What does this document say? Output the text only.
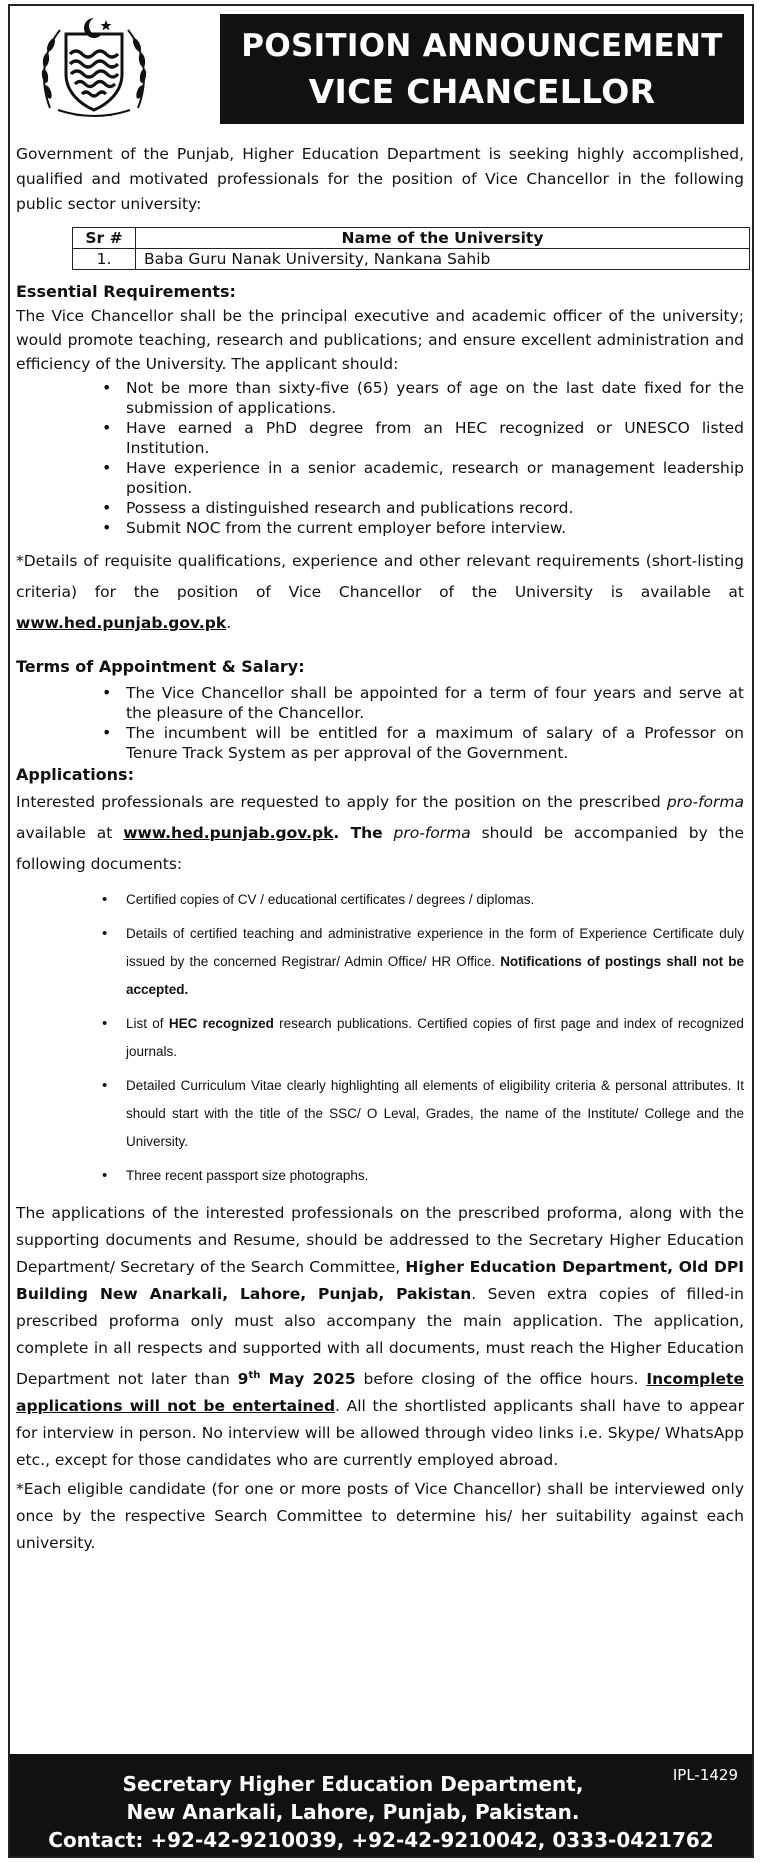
~~~ ~~~
POSITION ANNOUNCEMENT
VICE CHANCELLOR

Government of the Punjab, Higher Education Department is seeking highly accomplished, qualified and motivated professionals for the position of Vice Chancellor in the following public sector university:

Sr #	Name of the University
1.	Baba Guru Nanak University, Nankana Sahib
Essential Requirements:

The Vice Chancellor shall be the principal executive and academic officer of the university; would promote teaching, research and publications; and ensure excellent administration and efficiency of the University. The applicant should:

• Not be more than sixty-five (65) years of age on the last date fixed for the submission of applications.
• Have earned a PhD degree from an HEC recognized or UNESCO listed Institution.
• Have experience in a senior academic, research or management leadership position.
• Possess a distinguished research and publications record.
• Submit NOC from the current employer before interview.

*Details of requisite qualifications, experience and other relevant requirements (short-listing criteria) for the position of Vice Chancellor of the University is available at www.hed.punjab.gov.pk.

Terms of Appointment & Salary:
• The Vice Chancellor shall be appointed for a term of four years and serve at the pleasure of the Chancellor.
• The incumbent will be entitled for a maximum of salary of a Professor on Tenure Track System as per approval of the Government.
Applications:

Interested professionals are requested to apply for the position on the prescribed pro-forma available at www.hed.punjab.gov.pk. The pro-forma should be accompanied by the following documents:

• Certified copies of CV / educational certificates / degrees / diplomas.
• Details of certified teaching and administrative experience in the form of Experience Certificate duly issued by the concerned Registrar/ Admin Office/ HR Office. Notifications of postings shall not be accepted.
• List of HEC recognized research publications. Certified copies of first page and index of recognized journals.
• Detailed Curriculum Vitae clearly highlighting all elements of eligibility criteria & personal attributes. It should start with the title of the SSC/ O Leval, Grades, the name of the Institute/ College and the University.
• Three recent passport size photographs.

The applications of the interested professionals on the prescribed proforma, along with the supporting documents and Resume, should be addressed to the Secretary Higher Education Department/ Secretary of the Search Committee, Higher Education Department, Old DPI Building New Anarkali, Lahore, Punjab, Pakistan. Seven extra copies of filled-in prescribed proforma only must also accompany the main application. The application, complete in all respects and supported with all documents, must reach the Higher Education Department not later than 9th May 2025 before closing of the office hours. Incomplete applications will not be entertained. All the shortlisted applicants shall have to appear for interview in person. No interview will be allowed through video links i.e. Skype/ WhatsApp etc., except for those candidates who are currently employed abroad.

*Each eligible candidate (for one or more posts of Vice Chancellor) shall be interviewed only once by the respective Search Committee to determine his/ her suitability against each university.

IPL-1429
Secretary Higher Education Department,
New Anarkali, Lahore, Punjab, Pakistan.
Contact: +92-42-9210039, +92-42-9210042, 0333-0421762
